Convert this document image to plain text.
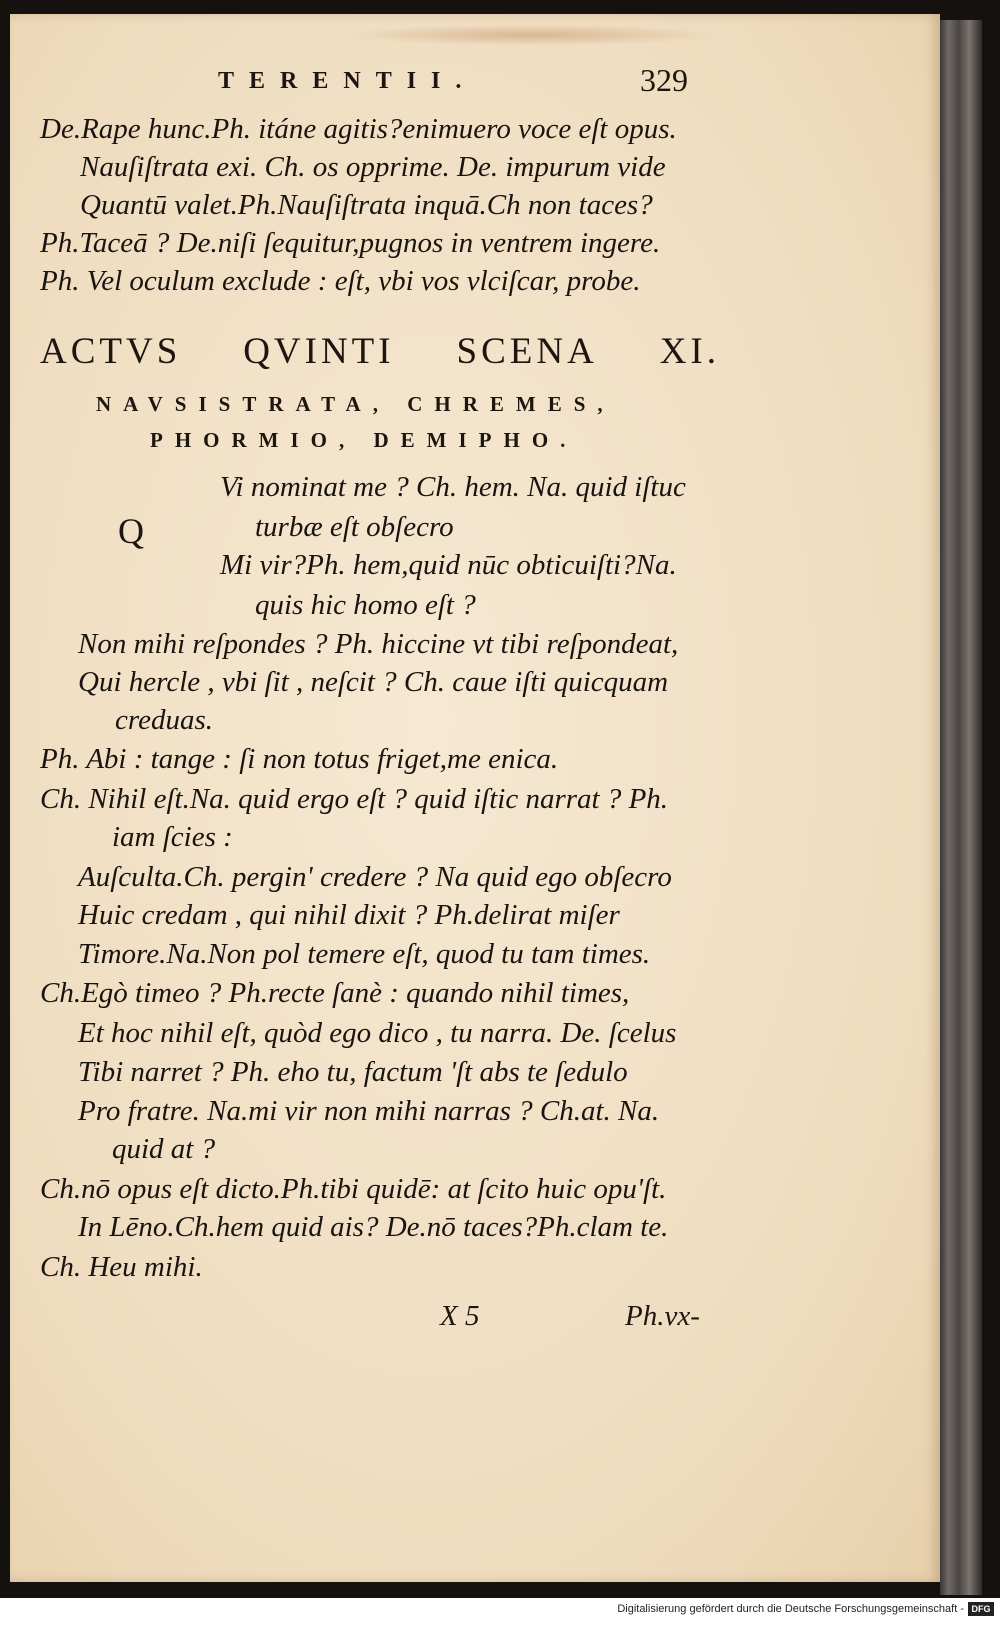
TERENTII.	329
De.Rape hunc.Ph. itáne agitis?enimuero voce eſt opus.
Nauſiſtrata exi. Ch. os opprime. De. impurum vide
Quantū valet.Ph.Nauſiſtrata inquā.Ch non taces?
Ph.Taceā ? De.niſi ſequitur,pugnos in ventrem ingere.
Ph. Vel oculum exclude : eſt, vbi vos vlciſcar, probe.
ACTVS QVINTI SCENA XI.
NAVSISTRATA, CHREMES,
PHORMIO, DEMIPHO.
Q
Vi nominat me ? Ch. hem. Na. quid iſtuc
turbæ eſt obſecro
Mi vir?Ph. hem,quid nūc obticuiſti?Na.
quis hic homo eſt ?
Non mihi reſpondes ? Ph. hiccine vt tibi reſpondeat,
Qui hercle , vbi ſit , neſcit ? Ch. caue iſti quicquam
creduas.
Ph. Abi : tange : ſi non totus friget,me enica.
Ch. Nihil eſt.Na. quid ergo eſt ? quid iſtic narrat ? Ph.
iam ſcies :
Auſculta.Ch. pergin' credere ? Na quid ego obſecro
Huic credam , qui nihil dixit ? Ph.delirat miſer
Timore.Na.Non pol temere eſt, quod tu tam times.
Ch.Egò timeo ? Ph.recte ſanè : quando nihil times,
Et hoc nihil eſt, quòd ego dico , tu narra. De. ſcelus
Tibi narret ? Ph. eho tu, factum 'ſt abs te ſedulo
Pro fratre. Na.mi vir non mihi narras ? Ch.at. Na.
quid at ?
Ch.nō opus eſt dicto.Ph.tibi quidē: at ſcito huic opu'ſt.
In Lēno.Ch.hem quid ais? De.nō taces?Ph.clam te.
Ch. Heu mihi.
X 5	Ph.vx-
Digitalisierung gefördert durch die Deutsche Forschungsgemeinschaft - DFG
